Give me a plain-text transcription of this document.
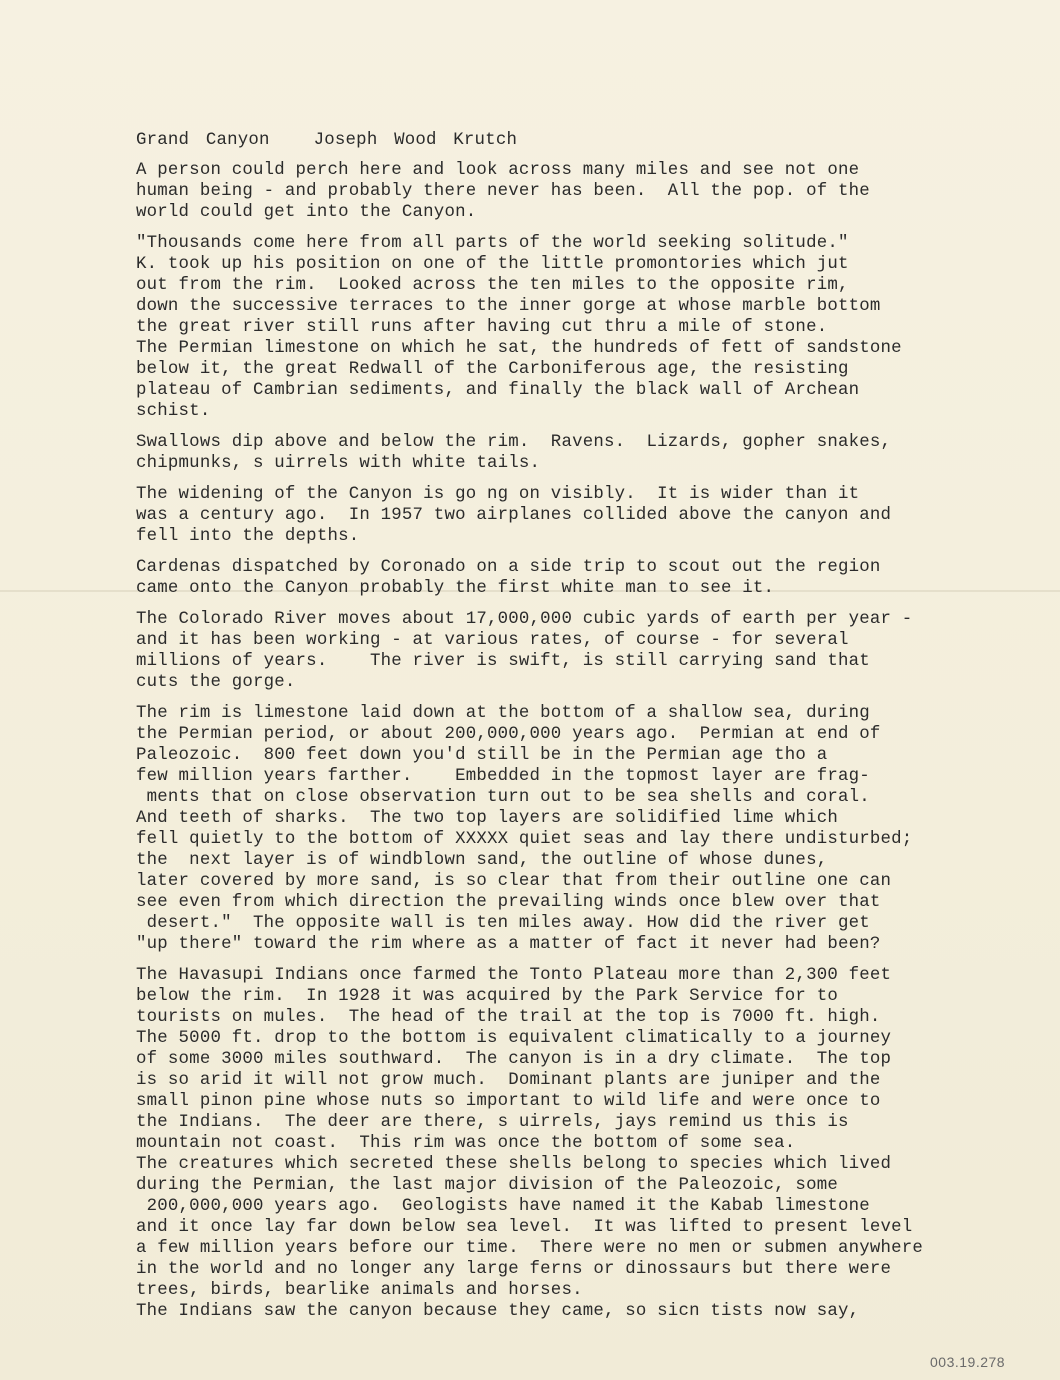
Grand Canyon	Joseph Wood Krutch

A person could perch here and look across many miles and see not one
human being - and probably there never has been.  All the pop. of the
world could get into the Canyon.

"Thousands come here from all parts of the world seeking solitude."
K. took up his position on one of the little promontories which jut
out from the rim.  Looked across the ten miles to the opposite rim,
down the successive terraces to the inner gorge at whose marble bottom
the great river still runs after having cut thru a mile of stone.
The Permian limestone on which he sat, the hundreds of fett of sandstone
below it, the great Redwall of the Carboniferous age, the resisting
plateau of Cambrian sediments, and finally the black wall of Archean
schist.

Swallows dip above and below the rim.  Ravens.  Lizards, gopher snakes,
chipmunks, s uirrels with white tails.

The widening of the Canyon is go ng on visibly.  It is wider than it
was a century ago.  In 1957 two airplanes collided above the canyon and
fell into the depths.

Cardenas dispatched by Coronado on a side trip to scout out the region
came onto the Canyon probably the first white man to see it.

The Colorado River moves about 17,000,000 cubic yards of earth per year -
and it has been working - at various rates, of course - for several
millions of years.    The river is swift, is still carrying sand that
cuts the gorge.

The rim is limestone laid down at the bottom of a shallow sea, during
the Permian period, or about 200,000,000 years ago.  Permian at end of
Paleozoic.  800 feet down you'd still be in the Permian age tho a
few million years farther.    Embedded in the topmost layer are frag-
ments that on close observation turn out to be sea shells and coral.
And teeth of sharks.  The two top layers are solidified lime which
fell quietly to the bottom of XXXXX quiet seas and lay there undisturbed;
the  next layer is of windblown sand, the outline of whose dunes,
later covered by more sand, is so clear that from their outline one can
see even from which direction the prevailing winds once blew over that
desert."  The opposite wall is ten miles away. How did the river get
"up there" toward the rim where as a matter of fact it never had been?

The Havasupi Indians once farmed the Tonto Plateau more than 2,300 feet
below the rim.  In 1928 it was acquired by the Park Service for to
tourists on mules.  The head of the trail at the top is 7000 ft. high.
The 5000 ft. drop to the bottom is equivalent climatically to a journey
of some 3000 miles southward.  The canyon is in a dry climate.  The top
is so arid it will not grow much.  Dominant plants are juniper and the
small pinon pine whose nuts so important to wild life and were once to
the Indians.  The deer are there, s uirrels, jays remind us this is
mountain not coast.  This rim was once the bottom of some sea.
The creatures which secreted these shells belong to species which lived
during the Permian, the last major division of the Paleozoic, some
200,000,000 years ago.  Geologists have named it the Kabab limestone
and it once lay far down below sea level.  It was lifted to present level
a few million years before our time.  There were no men or submen anywhere
in the world and no longer any large ferns or dinossaurs but there were
trees, birds, bearlike animals and horses.
The Indians saw the canyon because they came, so sicn tists now say,

003.19.278
